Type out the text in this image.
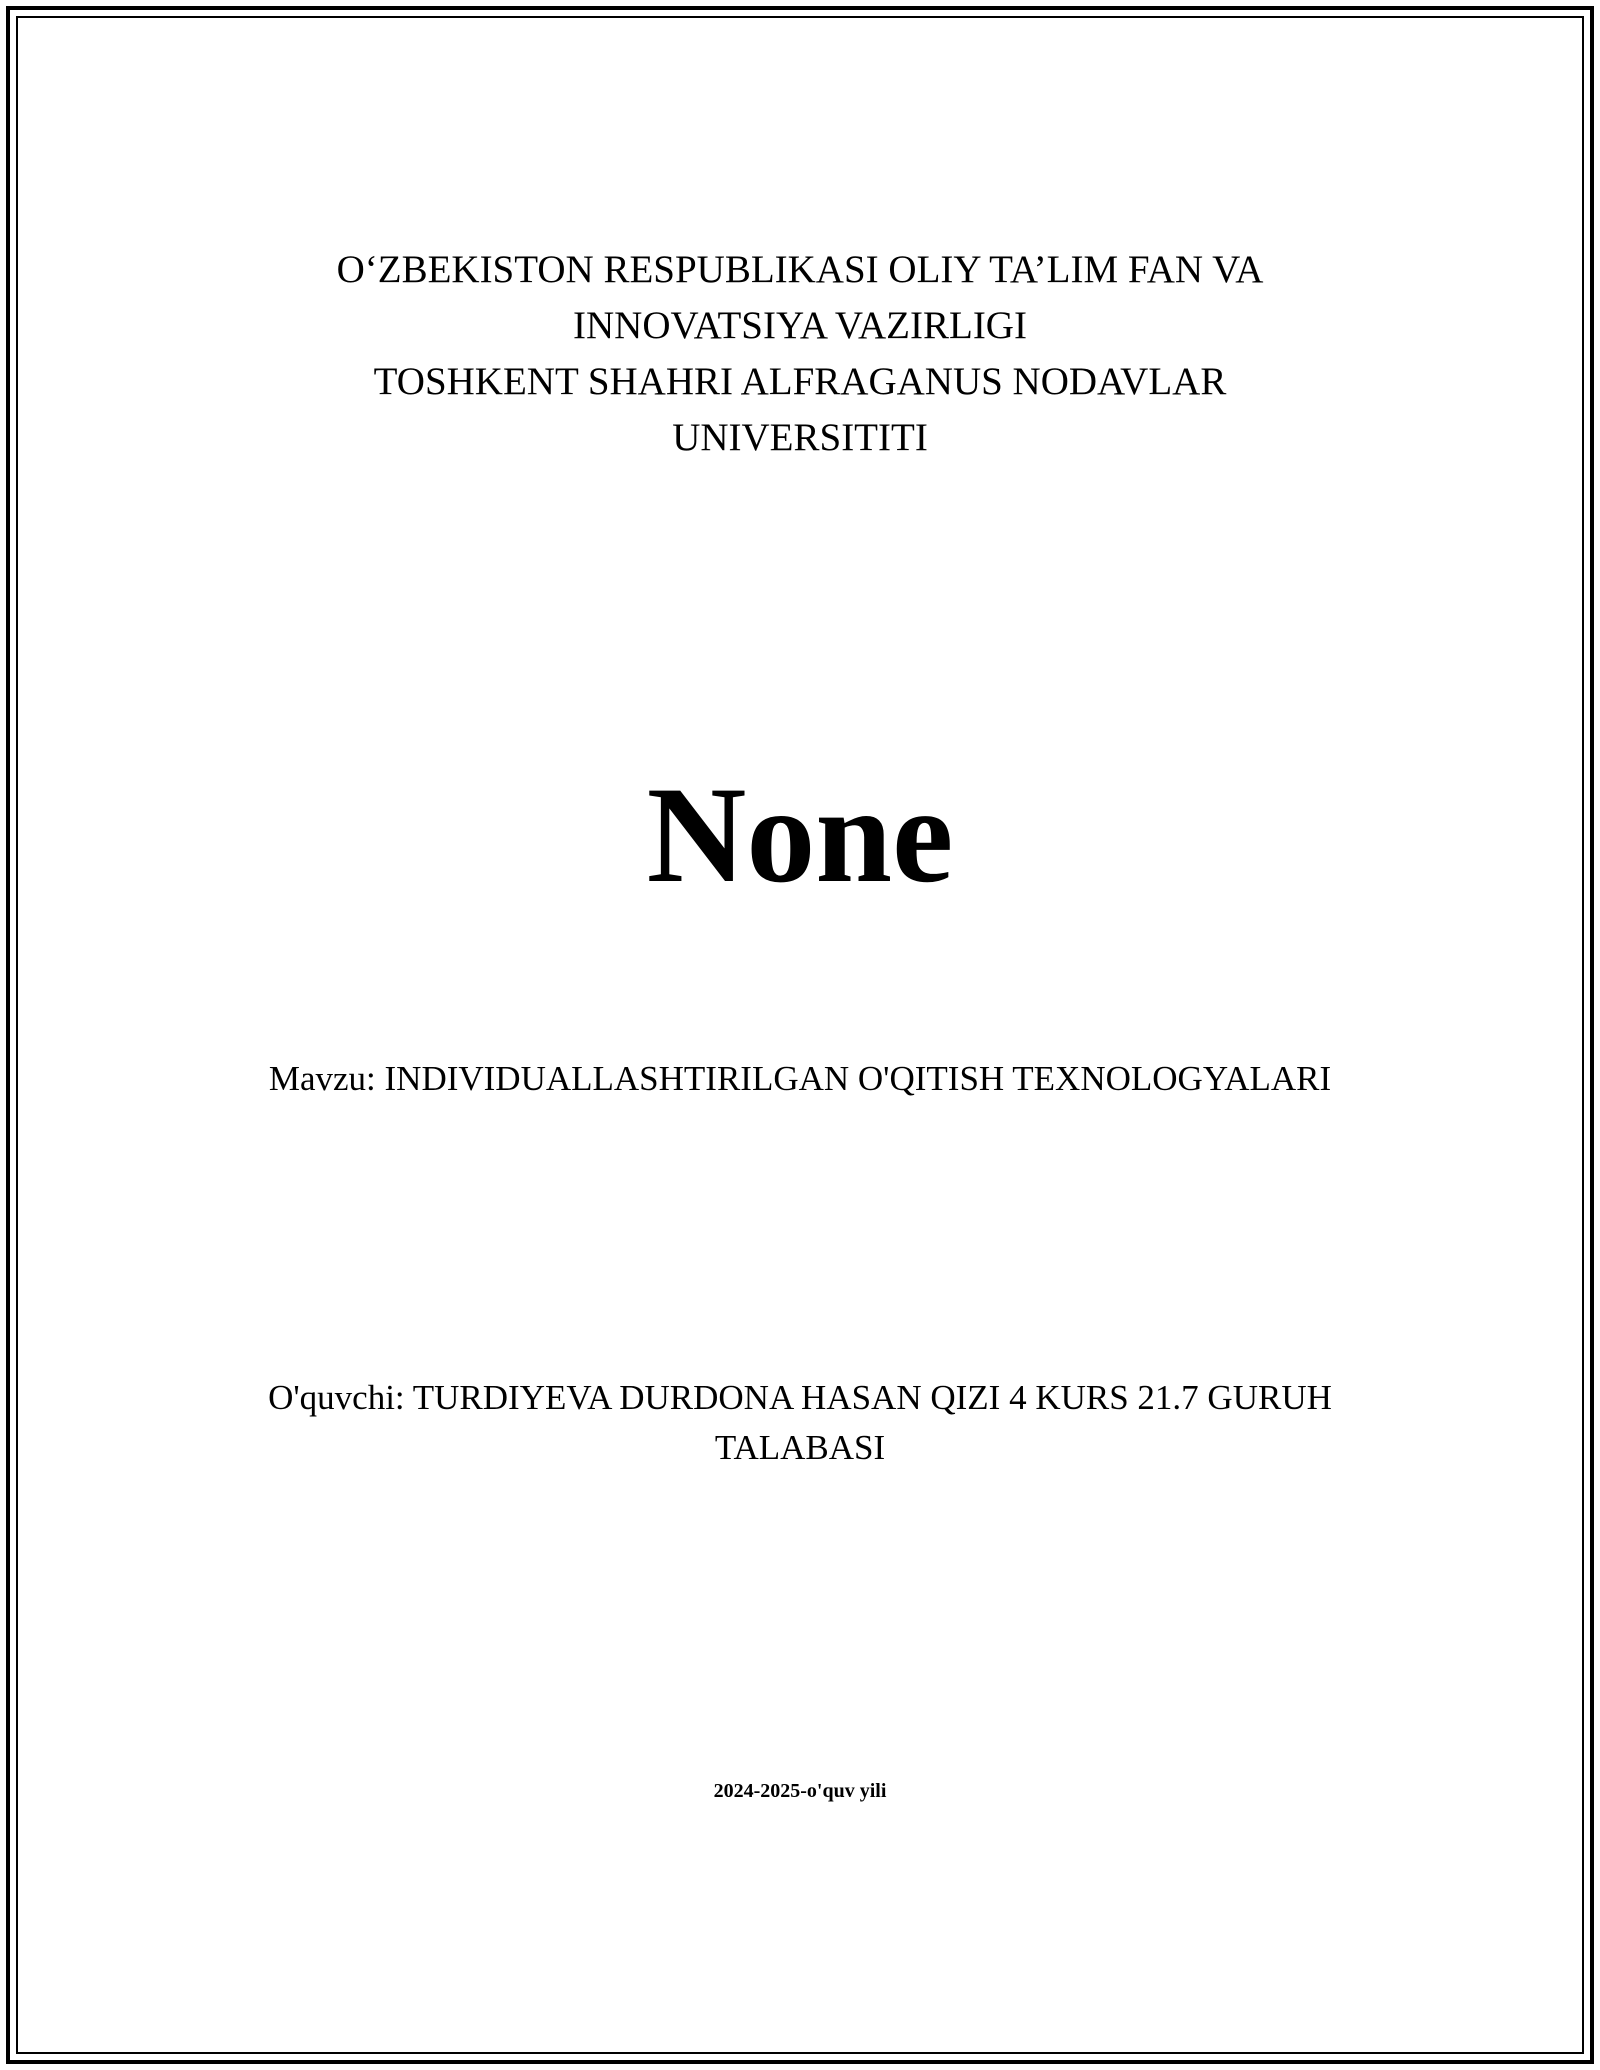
O‘ZBEKISTON RESPUBLIKASI OLIY TA’LIM FAN VA
INNOVATSIYA VAZIRLIGI
TOSHKENT SHAHRI ALFRAGANUS NODAVLAR
UNIVERSITITI
None
Mavzu: INDIVIDUALLASHTIRILGAN O'QITISH TEXNOLOGYALARI
O'quvchi: TURDIYEVA DURDONA HASAN QIZI 4 KURS 21.7 GURUH TALABASI
2024-2025-o'quv yili
